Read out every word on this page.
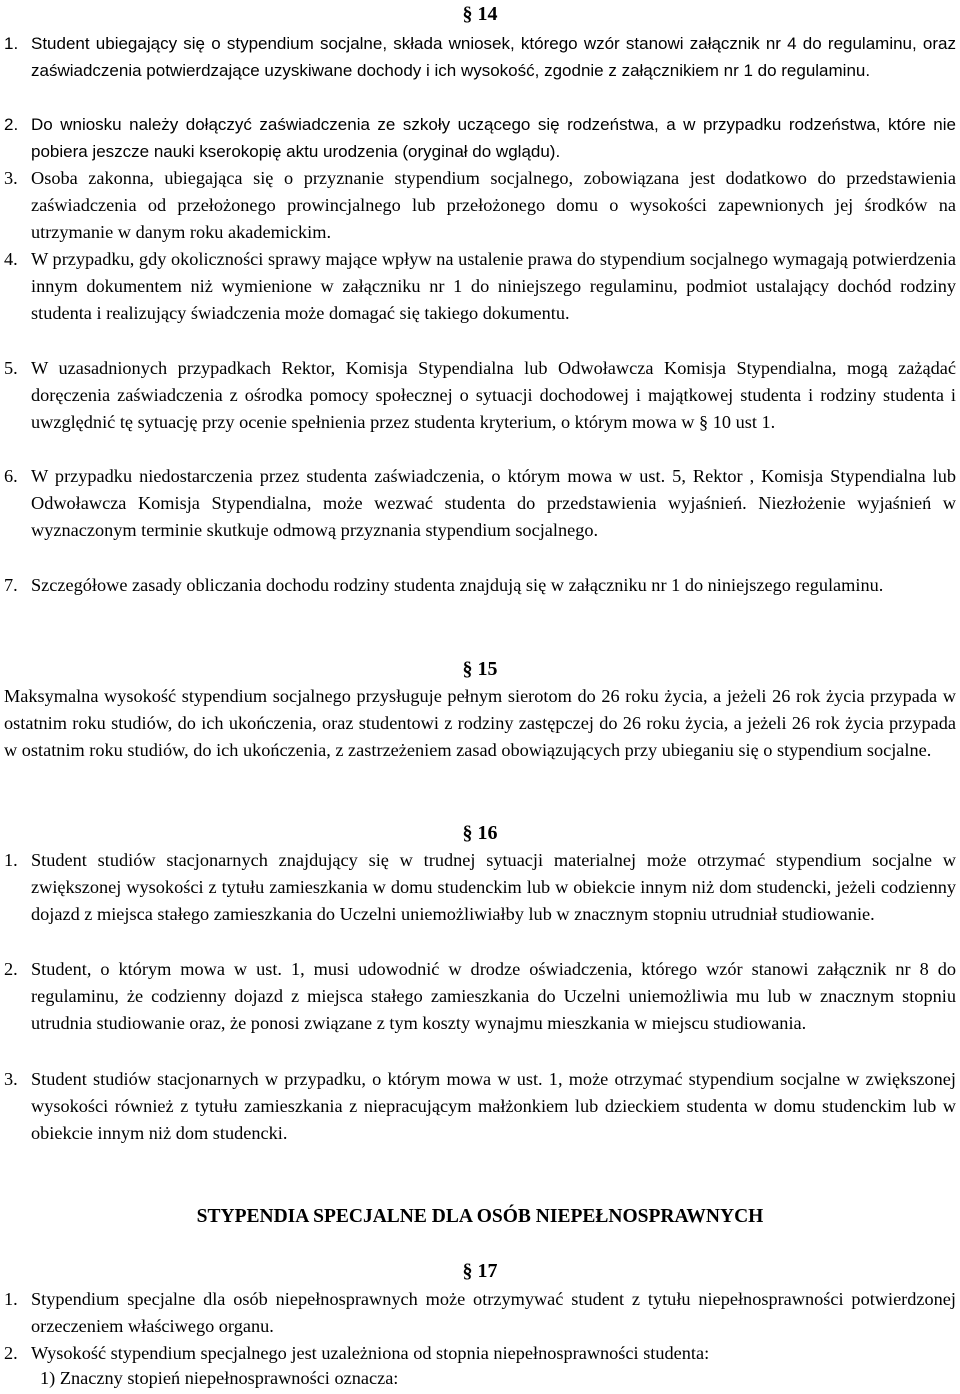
§ 14
1. Student ubiegający się o stypendium socjalne, składa wniosek, którego wzór stanowi załącznik nr 4 do regulaminu, oraz zaświadczenia potwierdzające uzyskiwane dochody i ich wysokość, zgodnie z załącznikiem nr 1 do regulaminu.
2. Do wniosku należy dołączyć zaświadczenia ze szkoły uczącego się rodzeństwa, a w przypadku rodzeństwa, które nie pobiera jeszcze nauki kserokopię aktu urodzenia (oryginał do wglądu).
3. Osoba zakonna, ubiegająca się o przyznanie stypendium socjalnego, zobowiązana jest dodatkowo do przedstawienia zaświadczenia od przełożonego prowincjalnego lub przełożonego domu o wysokości zapewnionych jej środków na utrzymanie w danym roku akademickim.
4. W przypadku, gdy okoliczności sprawy mające wpływ na ustalenie prawa do stypendium socjalnego wymagają potwierdzenia innym dokumentem niż wymienione w załączniku nr 1 do niniejszego regulaminu, podmiot ustalający dochód rodziny studenta i realizujący świadczenia może domagać się takiego dokumentu.
5. W uzasadnionych przypadkach Rektor, Komisja Stypendialna lub Odwoławcza Komisja Stypendialna, mogą zażądać doręczenia zaświadczenia z ośrodka pomocy społecznej o sytuacji dochodowej i majątkowej studenta i rodziny studenta i uwzględnić tę sytuację przy ocenie spełnienia przez studenta kryterium, o którym mowa w § 10 ust 1.
6. W przypadku niedostarczenia przez studenta zaświadczenia, o którym mowa w ust. 5, Rektor , Komisja Stypendialna lub Odwoławcza Komisja Stypendialna, może wezwać studenta do przedstawienia wyjaśnień. Niezłożenie wyjaśnień w wyznaczonym terminie skutkuje odmową przyznania stypendium socjalnego.
7. Szczegółowe zasady obliczania dochodu rodziny studenta znajdują się w załączniku nr 1 do niniejszego regulaminu.
§ 15
Maksymalna wysokość stypendium socjalnego przysługuje pełnym sierotom do 26 roku życia, a jeżeli 26 rok życia przypada w ostatnim roku studiów, do ich ukończenia, oraz studentowi z rodziny zastępczej do 26 roku życia, a jeżeli 26 rok życia przypada w ostatnim roku studiów, do ich ukończenia, z zastrzeżeniem zasad obowiązujących przy ubieganiu się o stypendium socjalne.
§ 16
1. Student studiów stacjonarnych znajdujący się w trudnej sytuacji materialnej może otrzymać stypendium socjalne w zwiększonej wysokości z tytułu zamieszkania w domu studenckim lub w obiekcie innym niż dom studencki, jeżeli codzienny dojazd z miejsca stałego zamieszkania do Uczelni uniemożliwiałby lub w znacznym stopniu utrudniał studiowanie.
2. Student, o którym mowa w ust. 1, musi udowodnić w drodze oświadczenia, którego wzór stanowi załącznik nr 8 do regulaminu, że codzienny dojazd z miejsca stałego zamieszkania do Uczelni uniemożliwia mu lub w znacznym stopniu utrudnia studiowanie oraz, że ponosi związane z tym koszty wynajmu mieszkania w miejscu studiowania.
3. Student studiów stacjonarnych w przypadku, o którym mowa w ust. 1, może otrzymać stypendium socjalne w zwiększonej wysokości również z tytułu zamieszkania z niepracującym małżonkiem lub dzieckiem studenta w domu studenckim lub w obiekcie innym niż dom studencki.
STYPENDIA SPECJALNE DLA OSÓB NIEPEŁNOSPRAWNYCH
§ 17
1. Stypendium specjalne dla osób niepełnosprawnych może otrzymywać student z tytułu niepełnosprawności potwierdzonej orzeczeniem właściwego organu.
2. Wysokość stypendium specjalnego jest uzależniona od stopnia niepełnosprawności studenta:
1) Znaczny stopień niepełnosprawności oznacza:
